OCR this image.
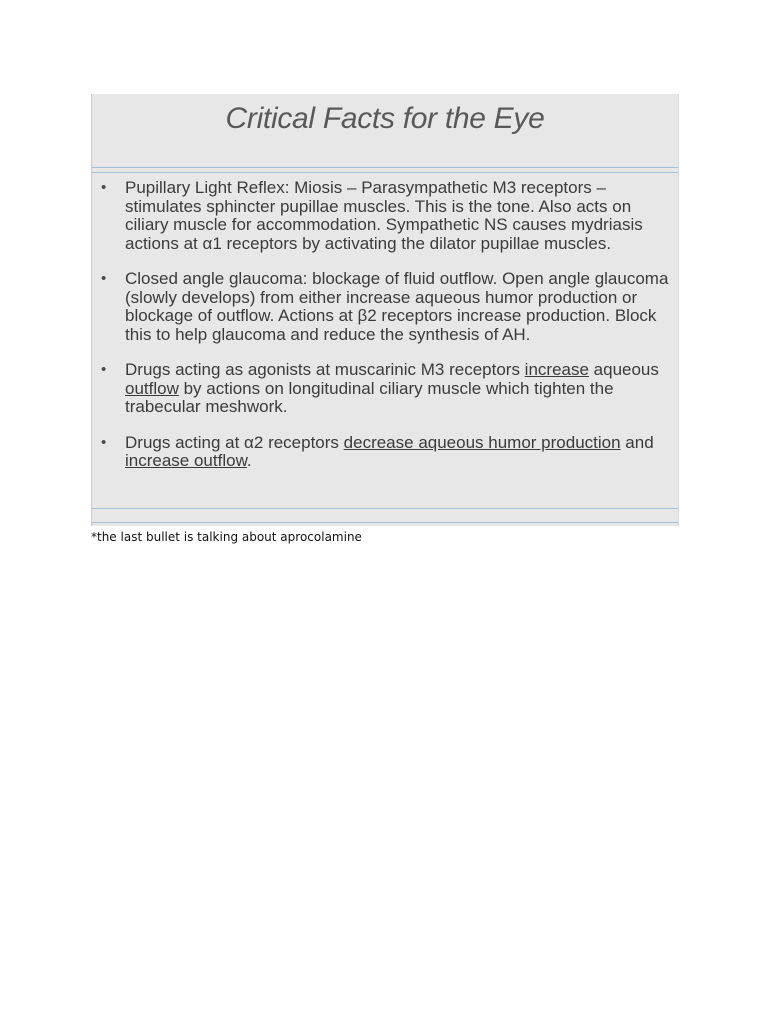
Critical Facts for the Eye
• Pupillary Light Reflex: Miosis – Parasympathetic M3 receptors – stimulates sphincter pupillae muscles. This is the tone. Also acts on ciliary muscle for accommodation. Sympathetic NS causes mydriasis actions at α1 receptors by activating the dilator pupillae muscles.
• Closed angle glaucoma: blockage of fluid outflow. Open angle glaucoma (slowly develops) from either increase aqueous humor production or blockage of outflow. Actions at β2 receptors increase production. Block this to help glaucoma and reduce the synthesis of AH.
• Drugs acting as agonists at muscarinic M3 receptors increase aqueous outflow by actions on longitudinal ciliary muscle which tighten the trabecular meshwork.
• Drugs acting at α2 receptors decrease aqueous humor production and increase outflow.
*the last bullet is talking about aprocolamine
